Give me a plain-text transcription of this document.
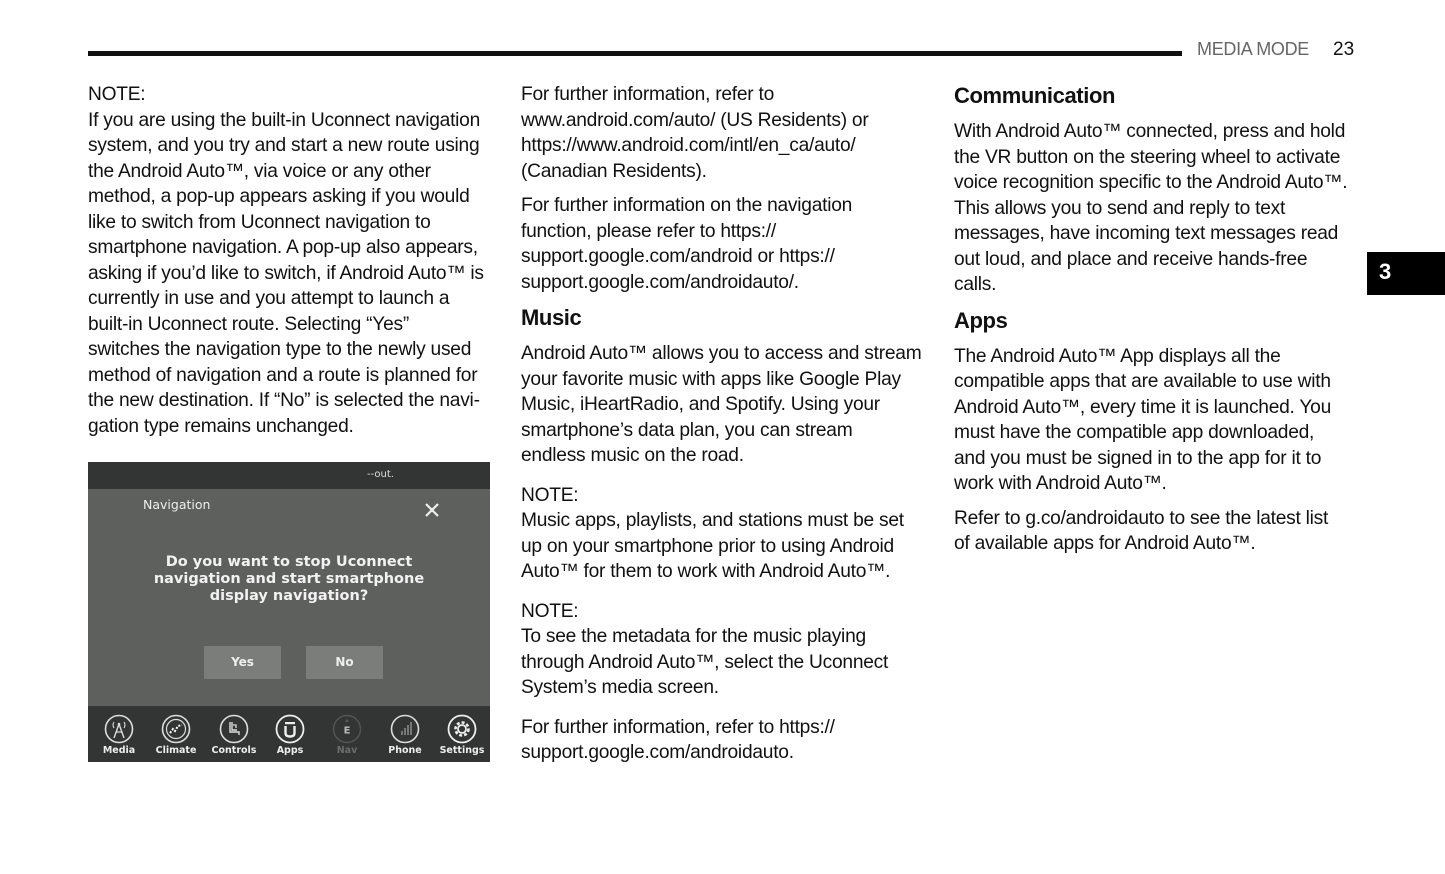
MEDIA MODE 23
3

NOTE:
If you are using the built-in Uconnect navigation
system, and you try and start a new route using
the Android Auto™, via voice or any other
method, a pop-up appears asking if you would
like to switch from Uconnect navigation to
smartphone navigation. A pop-up also appears,
asking if you’d like to switch, if Android Auto™ is
currently in use and you attempt to launch a
built-in Uconnect route. Selecting “Yes”
switches the navigation type to the newly used
method of navigation and a route is planned for
the new destination. If “No” is selected the navi-
gation type remains unchanged.

--out.
Navigation
Do you want to stop Uconnect
navigation and start smartphone
display navigation?
Yes	No
Media	Climate	Controls	Apps
E
Nav	Phone	Settings

For further information, refer to
www.android.com/auto/ (US Residents) or
https://www.android.com/intl/en_ca/auto/
(Canadian Residents).

For further information on the navigation
function, please refer to https://
support.google.com/android or https://
support.google.com/androidauto/.

Music

Android Auto™ allows you to access and stream
your favorite music with apps like Google Play
Music, iHeartRadio, and Spotify. Using your
smartphone’s data plan, you can stream
endless music on the road.

NOTE:
Music apps, playlists, and stations must be set
up on your smartphone prior to using Android
Auto™ for them to work with Android Auto™.

NOTE:
To see the metadata for the music playing
through Android Auto™, select the Uconnect
System’s media screen.

For further information, refer to https://
support.google.com/androidauto.

Communication

With Android Auto™ connected, press and hold
the VR button on the steering wheel to activate
voice recognition specific to the Android Auto™.
This allows you to send and reply to text
messages, have incoming text messages read
out loud, and place and receive hands-free
calls.

Apps

The Android Auto™ App displays all the
compatible apps that are available to use with
Android Auto™, every time it is launched. You
must have the compatible app downloaded,
and you must be signed in to the app for it to
work with Android Auto™.

Refer to g.co/androidauto to see the latest list
of available apps for Android Auto™.
